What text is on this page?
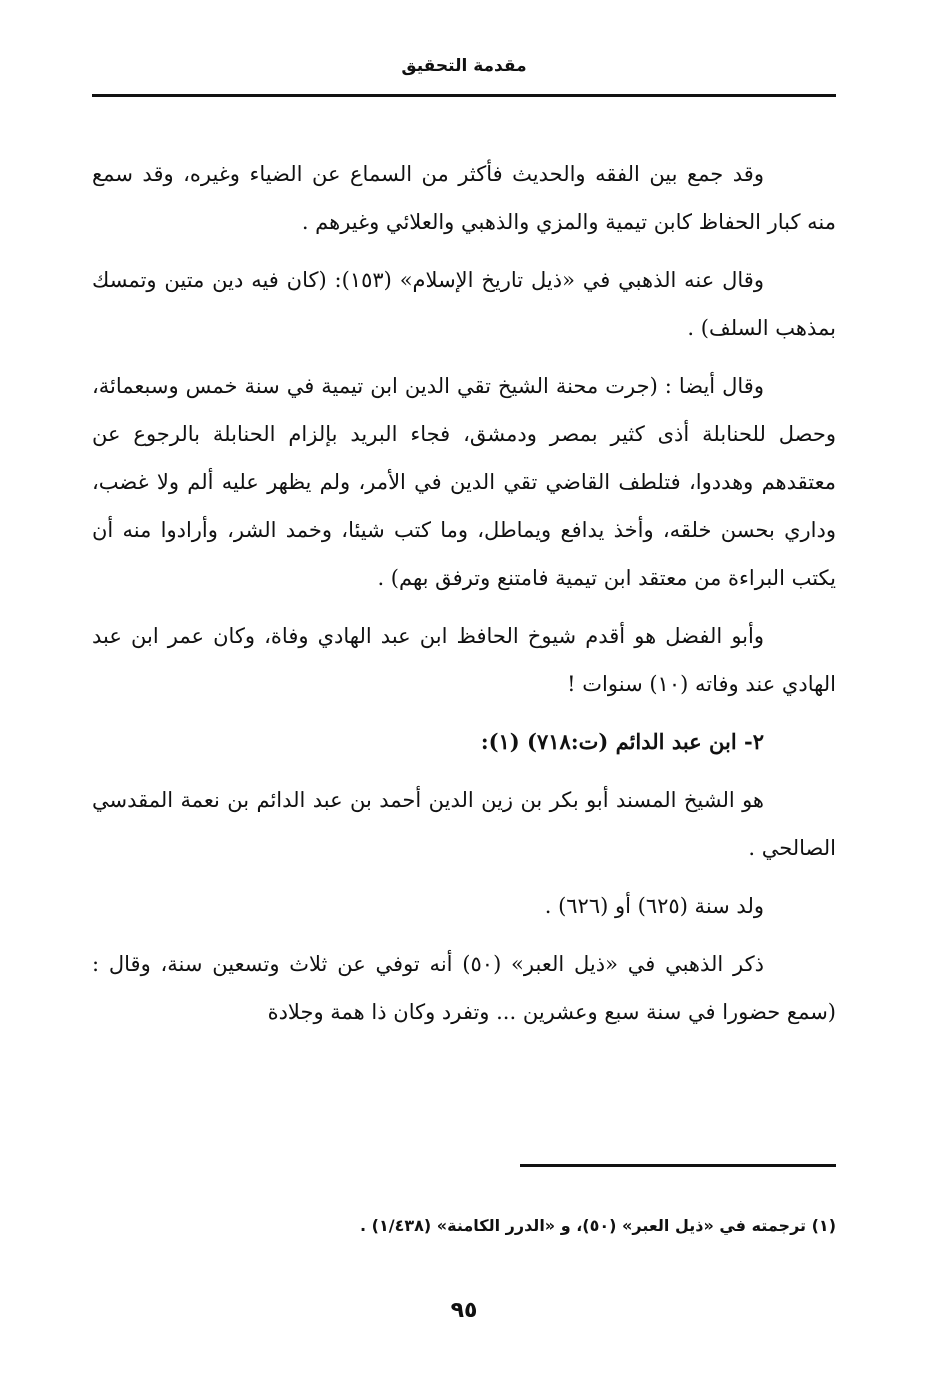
مقدمة التحقيق

وقد جمع بين الفقه والحديث فأكثر من السماع عن الضياء وغيره، وقد سمع منه كبار الحفاظ كابن تيمية والمزي والذهبي والعلائي وغيرهم .

وقال عنه الذهبي في «ذيل تاريخ الإسلام» (١٥٣): (كان فيه دين متين وتمسك بمذهب السلف) .

وقال أيضا : (جرت محنة الشيخ تقي الدين ابن تيمية في سنة خمس وسبعمائة، وحصل للحنابلة أذى كثير بمصر ودمشق، فجاء البريد بإلزام الحنابلة بالرجوع عن معتقدهم وهددوا، فتلطف القاضي تقي الدين في الأمر، ولم يظهر عليه ألم ولا غضب، وداري بحسن خلقه، وأخذ يدافع ويماطل، وما كتب شيئا، وخمد الشر، وأرادوا منه أن يكتب البراءة من معتقد ابن تيمية فامتنع وترفق بهم) .

وأبو الفضل هو أقدم شيوخ الحافظ ابن عبد الهادي وفاة، وكان عمر ابن عبد الهادي عند وفاته (١٠) سنوات !

٢- ابن عبد الدائم (ت:٧١٨) (١):

هو الشيخ المسند أبو بكر بن زين الدين أحمد بن عبد الدائم بن نعمة المقدسي الصالحي .

ولد سنة (٦٢٥) أو (٦٢٦) .

ذكر الذهبي في «ذيل العبر» (٥٠) أنه توفي عن ثلاث وتسعين سنة، وقال : (سمع حضورا في سنة سبع وعشرين ... وتفرد وكان ذا همة وجلادة

(١) ترجمته في «ذيل العبر» (٥٠)، و «الدرر الكامنة» (١/٤٣٨) .
٩٥
